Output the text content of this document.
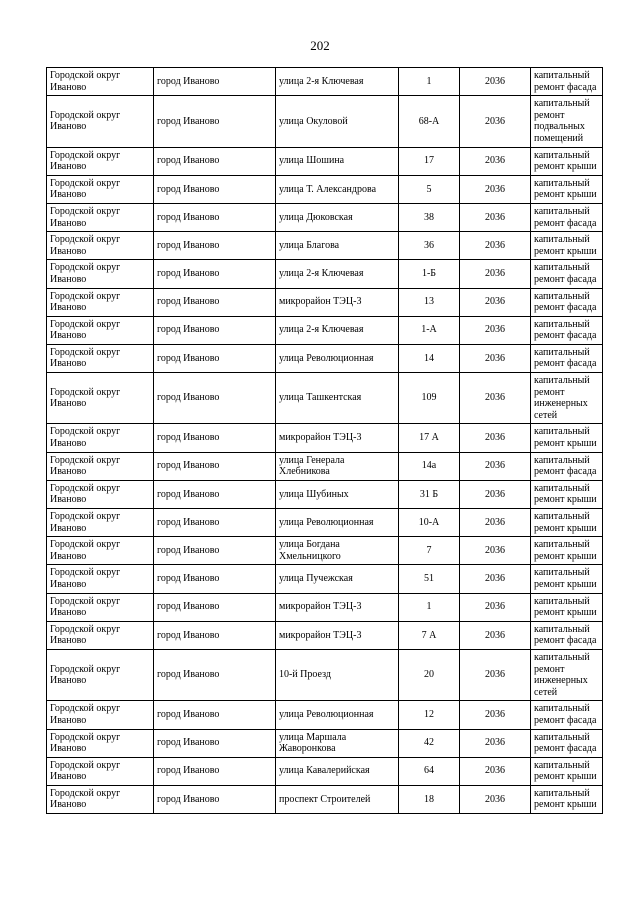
202
Городской округ Иваново	город Иваново	улица 2-я Ключевая	1	2036	капитальный ремонт фасада
Городской округ Иваново	город Иваново	улица Окуловой	68-А	2036	капитальный ремонт подвальных помещений
Городской округ Иваново	город Иваново	улица Шошина	17	2036	капитальный ремонт крыши
Городской округ Иваново	город Иваново	улица Т. Александрова	5	2036	капитальный ремонт крыши
Городской округ Иваново	город Иваново	улица Дюковская	38	2036	капитальный ремонт фасада
Городской округ Иваново	город Иваново	улица Благова	36	2036	капитальный ремонт крыши
Городской округ Иваново	город Иваново	улица 2-я Ключевая	1-Б	2036	капитальный ремонт фасада
Городской округ Иваново	город Иваново	микрорайон ТЭЦ-3	13	2036	капитальный ремонт фасада
Городской округ Иваново	город Иваново	улица 2-я Ключевая	1-А	2036	капитальный ремонт фасада
Городской округ Иваново	город Иваново	улица Революционная	14	2036	капитальный ремонт фасада
Городской округ Иваново	город Иваново	улица Ташкентская	109	2036	капитальный ремонт инженерных сетей
Городской округ Иваново	город Иваново	микрорайон ТЭЦ-3	17 А	2036	капитальный ремонт крыши
Городской округ Иваново	город Иваново	улица Генерала Хлебникова	14а	2036	капитальный ремонт фасада
Городской округ Иваново	город Иваново	улица Шубиных	31 Б	2036	капитальный ремонт крыши
Городской округ Иваново	город Иваново	улица Революционная	10-А	2036	капитальный ремонт крыши
Городской округ Иваново	город Иваново	улица Богдана Хмельницкого	7	2036	капитальный ремонт крыши
Городской округ Иваново	город Иваново	улица Пучежская	51	2036	капитальный ремонт крыши
Городской округ Иваново	город Иваново	микрорайон ТЭЦ-3	1	2036	капитальный ремонт крыши
Городской округ Иваново	город Иваново	микрорайон ТЭЦ-3	7 А	2036	капитальный ремонт фасада
Городской округ Иваново	город Иваново	10-й Проезд	20	2036	капитальный ремонт инженерных сетей
Городской округ Иваново	город Иваново	улица Революционная	12	2036	капитальный ремонт фасада
Городской округ Иваново	город Иваново	улица Маршала Жаворонкова	42	2036	капитальный ремонт фасада
Городской округ Иваново	город Иваново	улица Кавалерийская	64	2036	капитальный ремонт крыши
Городской округ Иваново	город Иваново	проспект Строителей	18	2036	капитальный ремонт крыши
